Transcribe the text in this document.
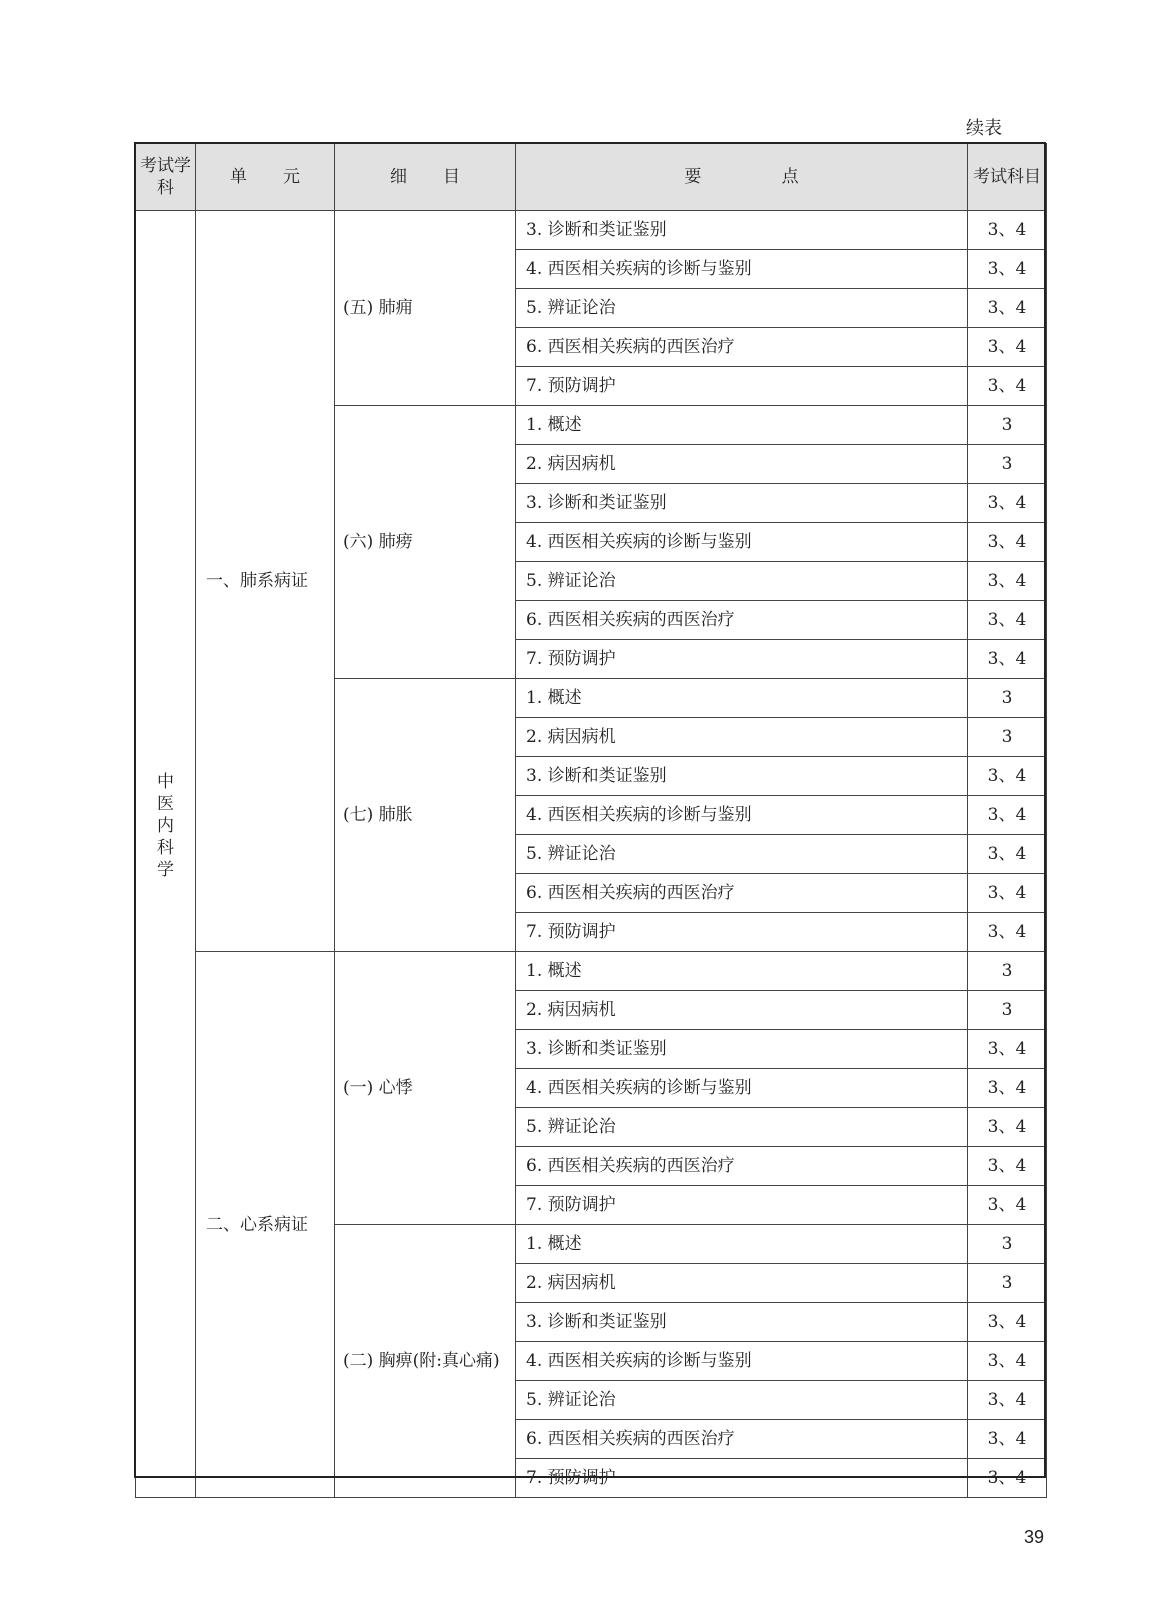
续表
考试学科	单 元	细 目	要 点	考试科目

中医内科学	一、肺系病证	(五) 肺痈	3. 诊断和类证鉴别	3、4
			4. 西医相关疾病的诊断与鉴别	3、4
			5. 辨证论治	3、4
			6. 西医相关疾病的西医治疗	3、4
			7. 预防调护	3、4
		(六) 肺痨	1. 概述	3
			2. 病因病机	3
			3. 诊断和类证鉴别	3、4
			4. 西医相关疾病的诊断与鉴别	3、4
			5. 辨证论治	3、4
			6. 西医相关疾病的西医治疗	3、4
			7. 预防调护	3、4
		(七) 肺胀	1. 概述	3
			2. 病因病机	3
			3. 诊断和类证鉴别	3、4
			4. 西医相关疾病的诊断与鉴别	3、4
			5. 辨证论治	3、4
			6. 西医相关疾病的西医治疗	3、4
			7. 预防调护	3、4
	二、心系病证	(一) 心悸	1. 概述	3
			2. 病因病机	3
			3. 诊断和类证鉴别	3、4
			4. 西医相关疾病的诊断与鉴别	3、4
			5. 辨证论治	3、4
			6. 西医相关疾病的西医治疗	3、4
			7. 预防调护	3、4
		(二) 胸痹(附:真心痛)	1. 概述	3
			2. 病因病机	3
			3. 诊断和类证鉴别	3、4
			4. 西医相关疾病的诊断与鉴别	3、4
			5. 辨证论治	3、4
			6. 西医相关疾病的西医治疗	3、4
			7. 预防调护	3、4
39
